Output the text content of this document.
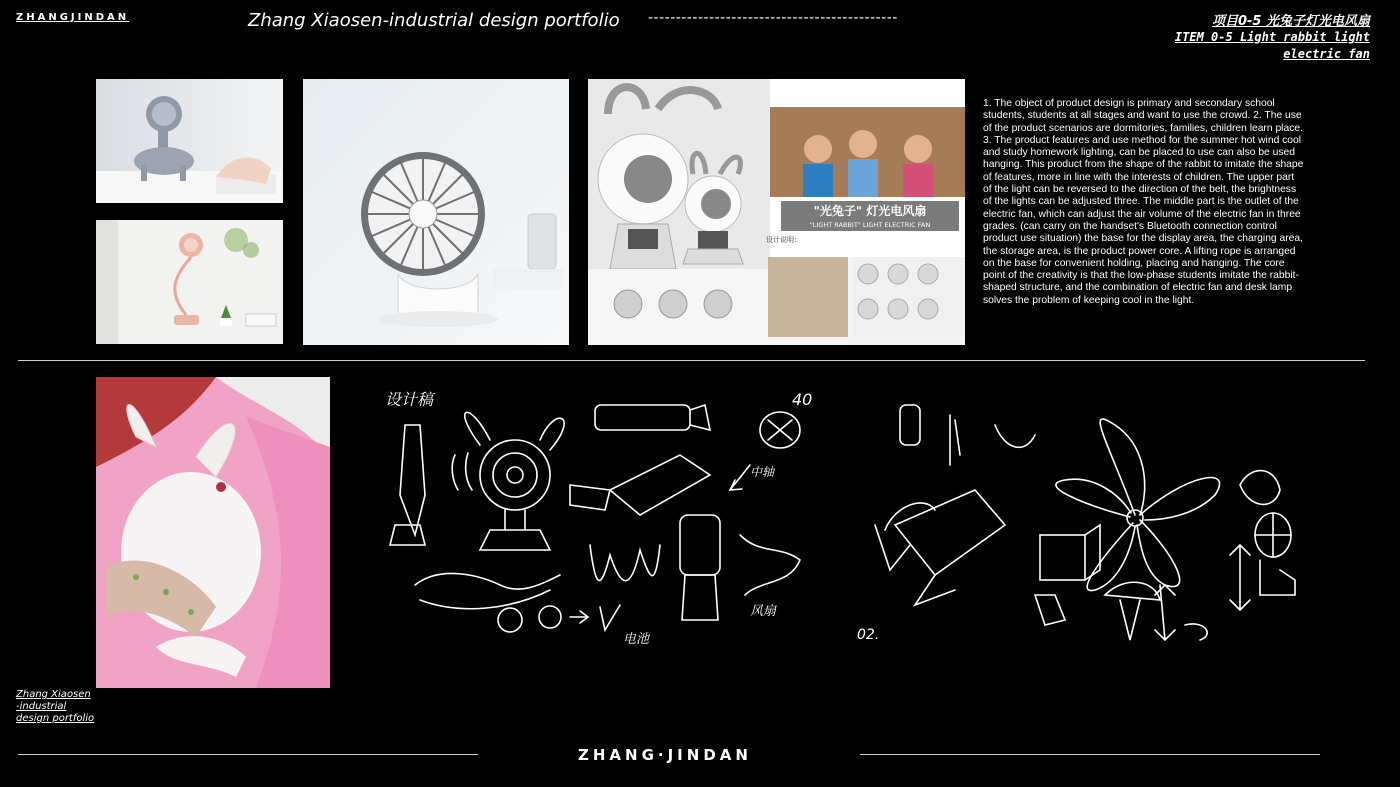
ZHANGJINDAN	Zhang Xiaosen-industrial design portfolio ---------------------------------------------	项目0-5 光兔子灯光电风扇
ITEM 0-5 Light rabbit light electric fan
"光兔子" 灯光电风扇
"LIGHT RABBIT" LIGHT ELECTRIC FAN
设计说明：
1. The object of product design is primary and secondary school students, students at all stages and want to use the crowd. 2. The use of the product scenarios are dormitories, families, children learn place. 3. The product features and use method for the summer hot wind cool and study homework lighting, can be placed to use can also be used hanging. This product from the shape of the rabbit to imitate the shape of features, more in line with the interests of children. The upper part of the light can be reversed to the direction of the belt, the brightness of the lights can be adjusted three. The middle part is the outlet of the electric fan, which can adjust the air volume of the electric fan in three grades. (can carry on the handset's Bluetooth connection control product use situation) the base for the display area, the charging area, the storage area, is the product power core. A lifting rope is arranged on the base for convenient holding, placing and hanging. The core point of the creativity is that the low-phase students imitate the rabbit-shaped structure, and the combination of electric fan and desk lamp solves the problem of keeping cool in the light.
设计稿	40
中轴
风扇
电池	02.
Zhang Xiaosen -industrial design portfolio
ZHANG·JINDAN
